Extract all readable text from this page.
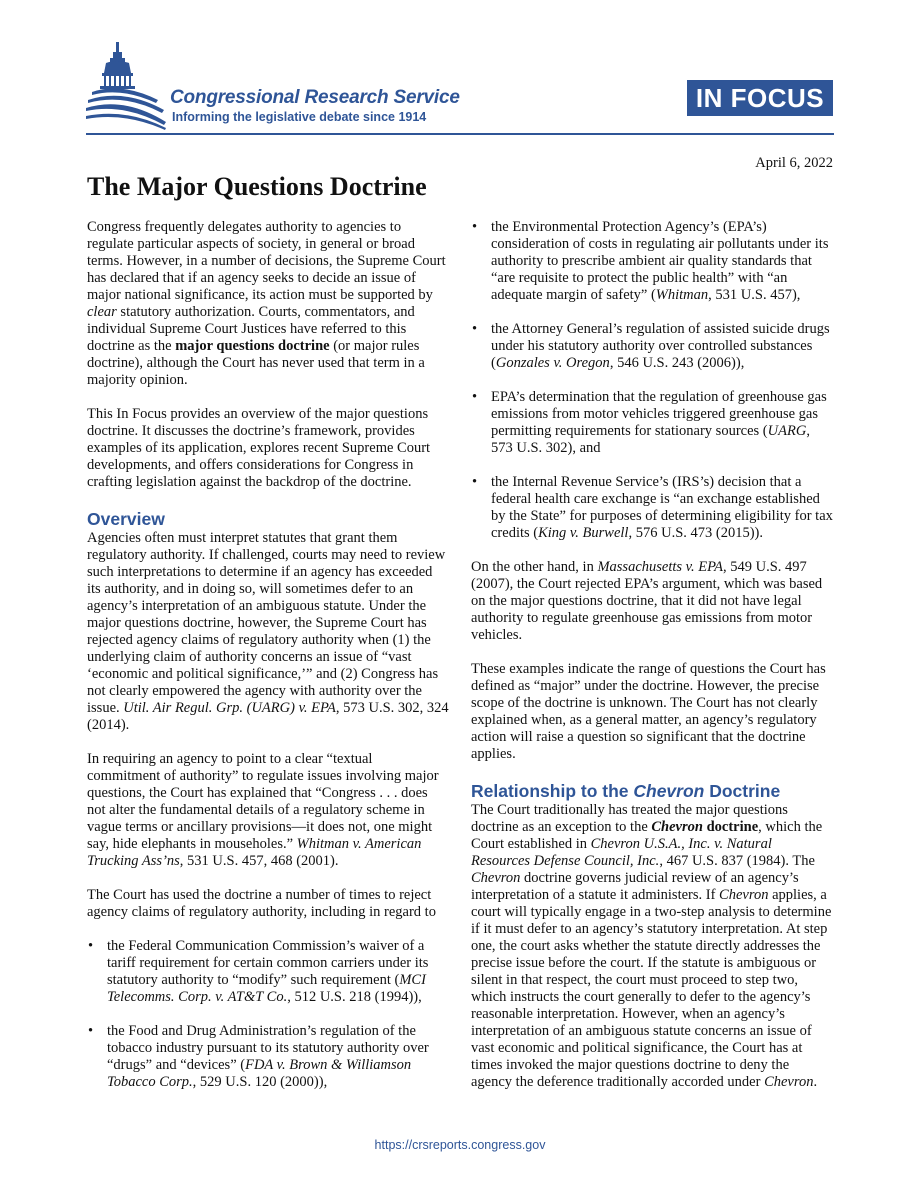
Congressional Research Service
Informing the legislative debate since 1914
IN FOCUS
April 6, 2022
The Major Questions Doctrine

Congress frequently delegates authority to agencies to regulate particular aspects of society, in general or broad terms. However, in a number of decisions, the Supreme Court has declared that if an agency seeks to decide an issue of major national significance, its action must be supported by clear statutory authorization. Courts, commentators, and individual Supreme Court Justices have referred to this doctrine as the major questions doctrine (or major rules doctrine), although the Court has never used that term in a majority opinion.

This In Focus provides an overview of the major questions doctrine. It discusses the doctrine’s framework, provides examples of its application, explores recent Supreme Court developments, and offers considerations for Congress in crafting legislation against the backdrop of the doctrine.

Overview

Agencies often must interpret statutes that grant them regulatory authority. If challenged, courts may need to review such interpretations to determine if an agency has exceeded its authority, and in doing so, will sometimes defer to an agency’s interpretation of an ambiguous statute. Under the major questions doctrine, however, the Supreme Court has rejected agency claims of regulatory authority when (1) the underlying claim of authority concerns an issue of “vast ‘economic and political significance,’” and (2) Congress has not clearly empowered the agency with authority over the issue. Util. Air Regul. Grp. (UARG) v. EPA, 573 U.S. 302, 324 (2014).

In requiring an agency to point to a clear “textual commitment of authority” to regulate issues involving major questions, the Court has explained that “Congress . . . does not alter the fundamental details of a regulatory scheme in vague terms or ancillary provisions—it does not, one might say, hide elephants in mouseholes.” Whitman v. American Trucking Ass’ns, 531 U.S. 457, 468 (2001).

The Court has used the doctrine a number of times to reject agency claims of regulatory authority, including in regard to

• the Federal Communication Commission’s waiver of a tariff requirement for certain common carriers under its statutory authority to “modify” such requirement (MCI Telecomms. Corp. v. AT&T Co., 512 U.S. 218 (1994)),
• the Food and Drug Administration’s regulation of the tobacco industry pursuant to its statutory authority over “drugs” and “devices” (FDA v. Brown & Williamson Tobacco Corp., 529 U.S. 120 (2000)),
• the Environmental Protection Agency’s (EPA’s) consideration of costs in regulating air pollutants under its authority to prescribe ambient air quality standards that “are requisite to protect the public health” with “an adequate margin of safety” (Whitman, 531 U.S. 457),
• the Attorney General’s regulation of assisted suicide drugs under his statutory authority over controlled substances (Gonzales v. Oregon, 546 U.S. 243 (2006)),
• EPA’s determination that the regulation of greenhouse gas emissions from motor vehicles triggered greenhouse gas permitting requirements for stationary sources (UARG, 573 U.S. 302), and
• the Internal Revenue Service’s (IRS’s) decision that a federal health care exchange is “an exchange established by the State” for purposes of determining eligibility for tax credits (King v. Burwell, 576 U.S. 473 (2015)).

On the other hand, in Massachusetts v. EPA, 549 U.S. 497 (2007), the Court rejected EPA’s argument, which was based on the major questions doctrine, that it did not have legal authority to regulate greenhouse gas emissions from motor vehicles.

These examples indicate the range of questions the Court has defined as “major” under the doctrine. However, the precise scope of the doctrine is unknown. The Court has not clearly explained when, as a general matter, an agency’s regulatory action will raise a question so significant that the doctrine applies.

Relationship to the Chevron Doctrine

The Court traditionally has treated the major questions doctrine as an exception to the Chevron doctrine, which the Court established in Chevron U.S.A., Inc. v. Natural Resources Defense Council, Inc., 467 U.S. 837 (1984). The Chevron doctrine governs judicial review of an agency’s interpretation of a statute it administers. If Chevron applies, a court will typically engage in a two-step analysis to determine if it must defer to an agency’s statutory interpretation. At step one, the court asks whether the statute directly addresses the precise issue before the court. If the statute is ambiguous or silent in that respect, the court must proceed to step two, which instructs the court generally to defer to the agency’s reasonable interpretation. However, when an agency’s interpretation of an ambiguous statute concerns an issue of vast economic and political significance, the Court has at times invoked the major questions doctrine to deny the agency the deference traditionally accorded under Chevron.

https://crsreports.congress.gov
